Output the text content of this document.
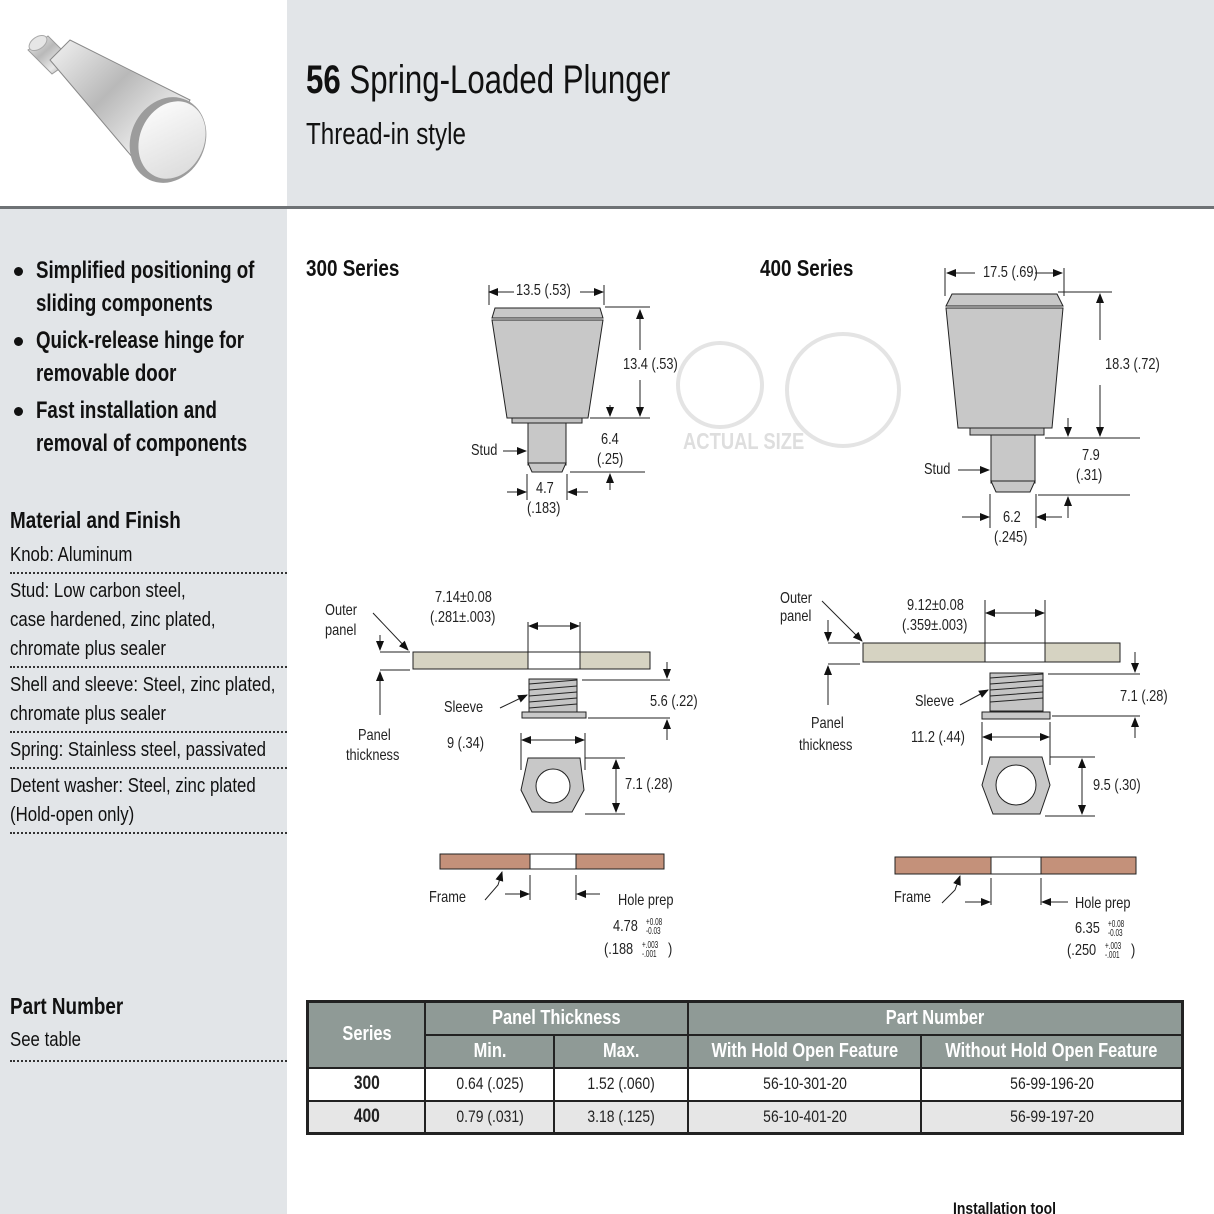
56 Spring-Loaded Plunger
Thread-in style
Simplified positioning of sliding components
Quick-release hinge for removable door
Fast installation and removal of components
Material and Finish
Knob: Aluminum
Stud: Low carbon steel,
case hardened, zinc plated,
chromate plus sealer
Shell and sleeve: Steel, zinc plated,
chromate plus sealer
Spring: Stainless steel, passivated
Detent washer: Steel, zinc plated
(Hold-open only)
Part Number
See table
300 Series	400 Series
ACTUAL SIZE
13.5 (.53)
13.4 (.53)
Stud
6.4
(.25)
4.7
(.183)
17.5 (.69)
18.3 (.72)
Stud
7.9
(.31)
6.2
(.245)
Outer
panel
7.14±0.08
(.281±.003)
Sleeve	5.6 (.22)
Panel
thickness
9 (.34)
7.1 (.28)
Outer
panel
9.12±0.08
(.359±.003)
Sleeve	7.1 (.28)
Panel
thickness	11.2 (.44)
9.5 (.30)
Frame	Hole prep
4.78 +0.08
-0.03
(.188 +.003
-.001 )
Frame	Hole prep
6.35 +0.08
-0.03
(.250 +.003
-.001 )
Series	Panel Thickness		Part Number	
	Min.	Max.	With Hold Open Feature	Without Hold Open Feature
300	0.64 (.025)	1.52 (.060)	56-10-301-20	56-99-196-20
400	0.79 (.031)	3.18 (.125)	56-10-401-20	56-99-197-20
Installation tool
